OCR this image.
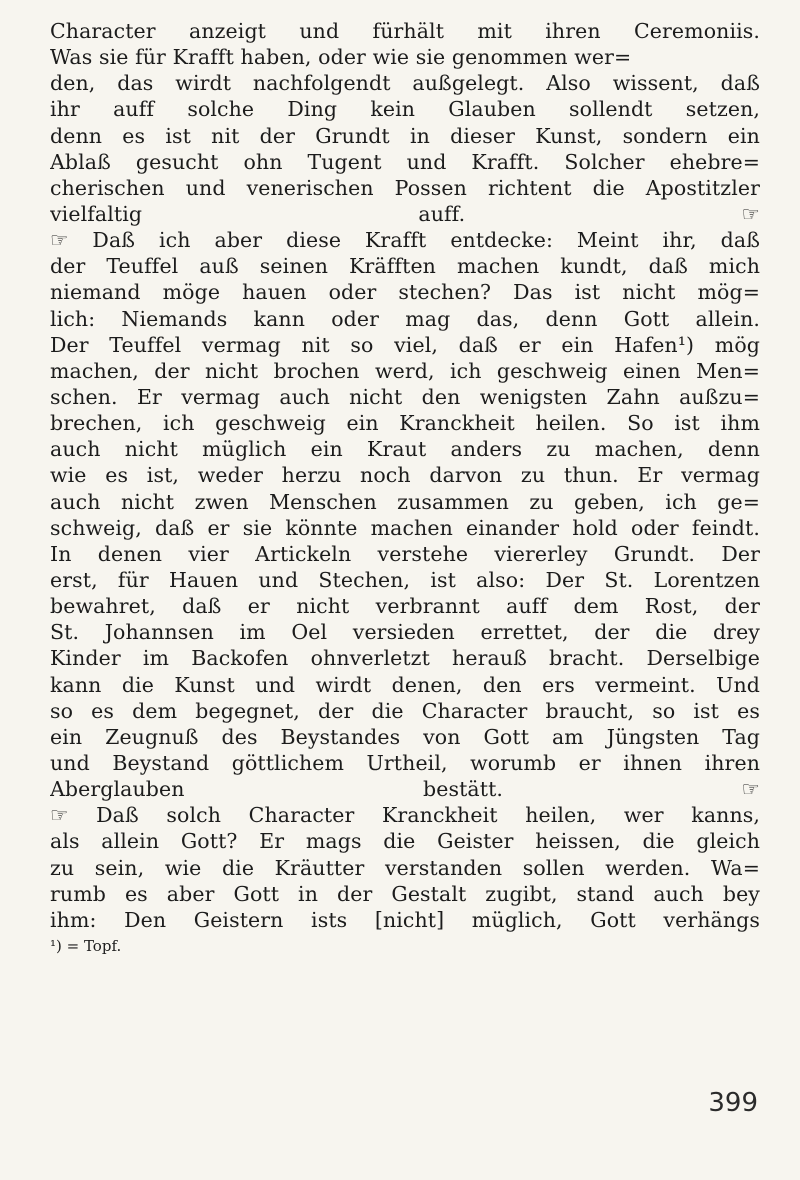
Character anzeigt und fürhält mit ihren Ceremoniis.
Was sie für Krafft haben, oder wie sie genommen wer=
den, das wirdt nachfolgendt außgelegt. Also wissent, daß
ihr auff solche Ding kein Glauben sollendt setzen,
denn es ist nit der Grundt in dieser Kunst, sondern ein
Ablaß gesucht ohn Tugent und Krafft. Solcher ehebre=
cherischen und venerischen Possen richtent die Apostitzler
vielfaltig auff. ☞
☞ Daß ich aber diese Krafft entdecke: Meint ihr, daß
der Teuffel auß seinen Kräfften machen kundt, daß mich
niemand möge hauen oder stechen? Das ist nicht mög=
lich: Niemands kann oder mag das, denn Gott allein.
Der Teuffel vermag nit so viel, daß er ein Hafen¹) mög
machen, der nicht brochen werd, ich geschweig einen Men=
schen. Er vermag auch nicht den wenigsten Zahn außzu=
brechen, ich geschweig ein Kranckheit heilen. So ist ihm
auch nicht müglich ein Kraut anders zu machen, denn
wie es ist, weder herzu noch darvon zu thun. Er vermag
auch nicht zwen Menschen zusammen zu geben, ich ge=
schweig, daß er sie könnte machen einander hold oder feindt.
In denen vier Artickeln verstehe viererley Grundt. Der
erst, für Hauen und Stechen, ist also: Der St. Lorentzen
bewahret, daß er nicht verbrannt auff dem Rost, der
St. Johannsen im Oel versieden errettet, der die drey
Kinder im Backofen ohnverletzt herauß bracht. Derselbige
kann die Kunst und wirdt denen, den ers vermeint. Und
so es dem begegnet, der die Character braucht, so ist es
ein Zeugnuß des Beystandes von Gott am Jüngsten Tag
und Beystand göttlichem Urtheil, worumb er ihnen ihren
Aberglauben bestätt. ☞
☞ Daß solch Character Kranckheit heilen, wer kanns,
als allein Gott? Er mags die Geister heissen, die gleich
zu sein, wie die Kräutter verstanden sollen werden. Wa=
rumb es aber Gott in der Gestalt zugibt, stand auch bey
ihm: Den Geistern ists [nicht] müglich, Gott verhängs
¹) = Topf.
399
